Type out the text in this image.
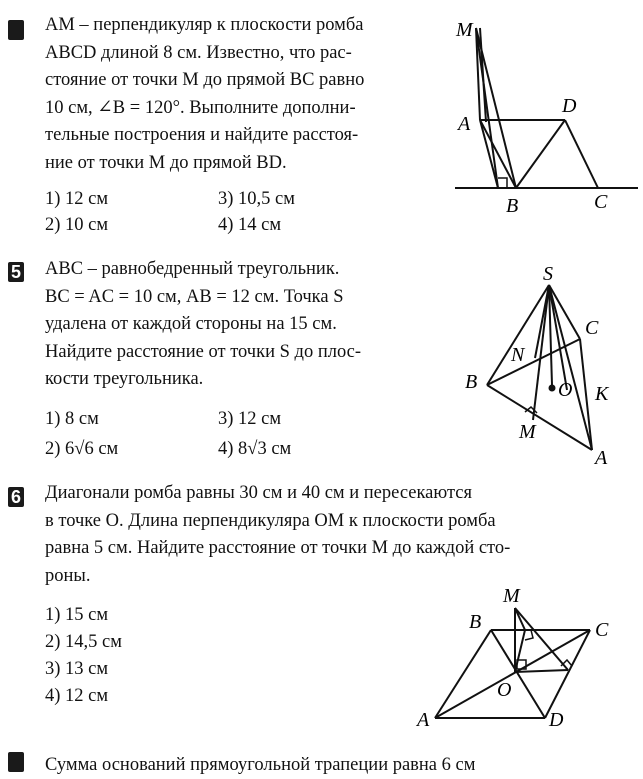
AM – перпендикуляр к плоскости ромба
ABCD длиной 8 см. Известно, что рас-
стояние от точки M до прямой BC равно
10 см, ∠B = 120°. Выполните дополни-
тельные построения и найдите расстоя-
ние от точки M до прямой BD.
1) 12 см	3) 10,5 см
2) 10 см	4) 14 см
M
A
D
B	C
5 ABC – равнобедренный треугольник.
BC = AC = 10 см, AB = 12 см. Точка S
удалена от каждой стороны на 15 см.
Найдите расстояние от точки S до плос-
кости треугольника.
1) 8 см	3) 12 см
2) 6√6 см	4) 8√3 см
S
C
N
B	O K
M
A
6 Диагонали ромба равны 30 см и 40 см и пересекаются
в точке O. Длина перпендикуляра OM к плоскости ромба
равна 5 см. Найдите расстояние от точки M до каждой сто-
роны.
1) 15 см
2) 14,5 см
3) 13 см
4) 12 см
M
B	C
O
A	D
Сумма оснований прямоугольной трапеции равна 6 см
